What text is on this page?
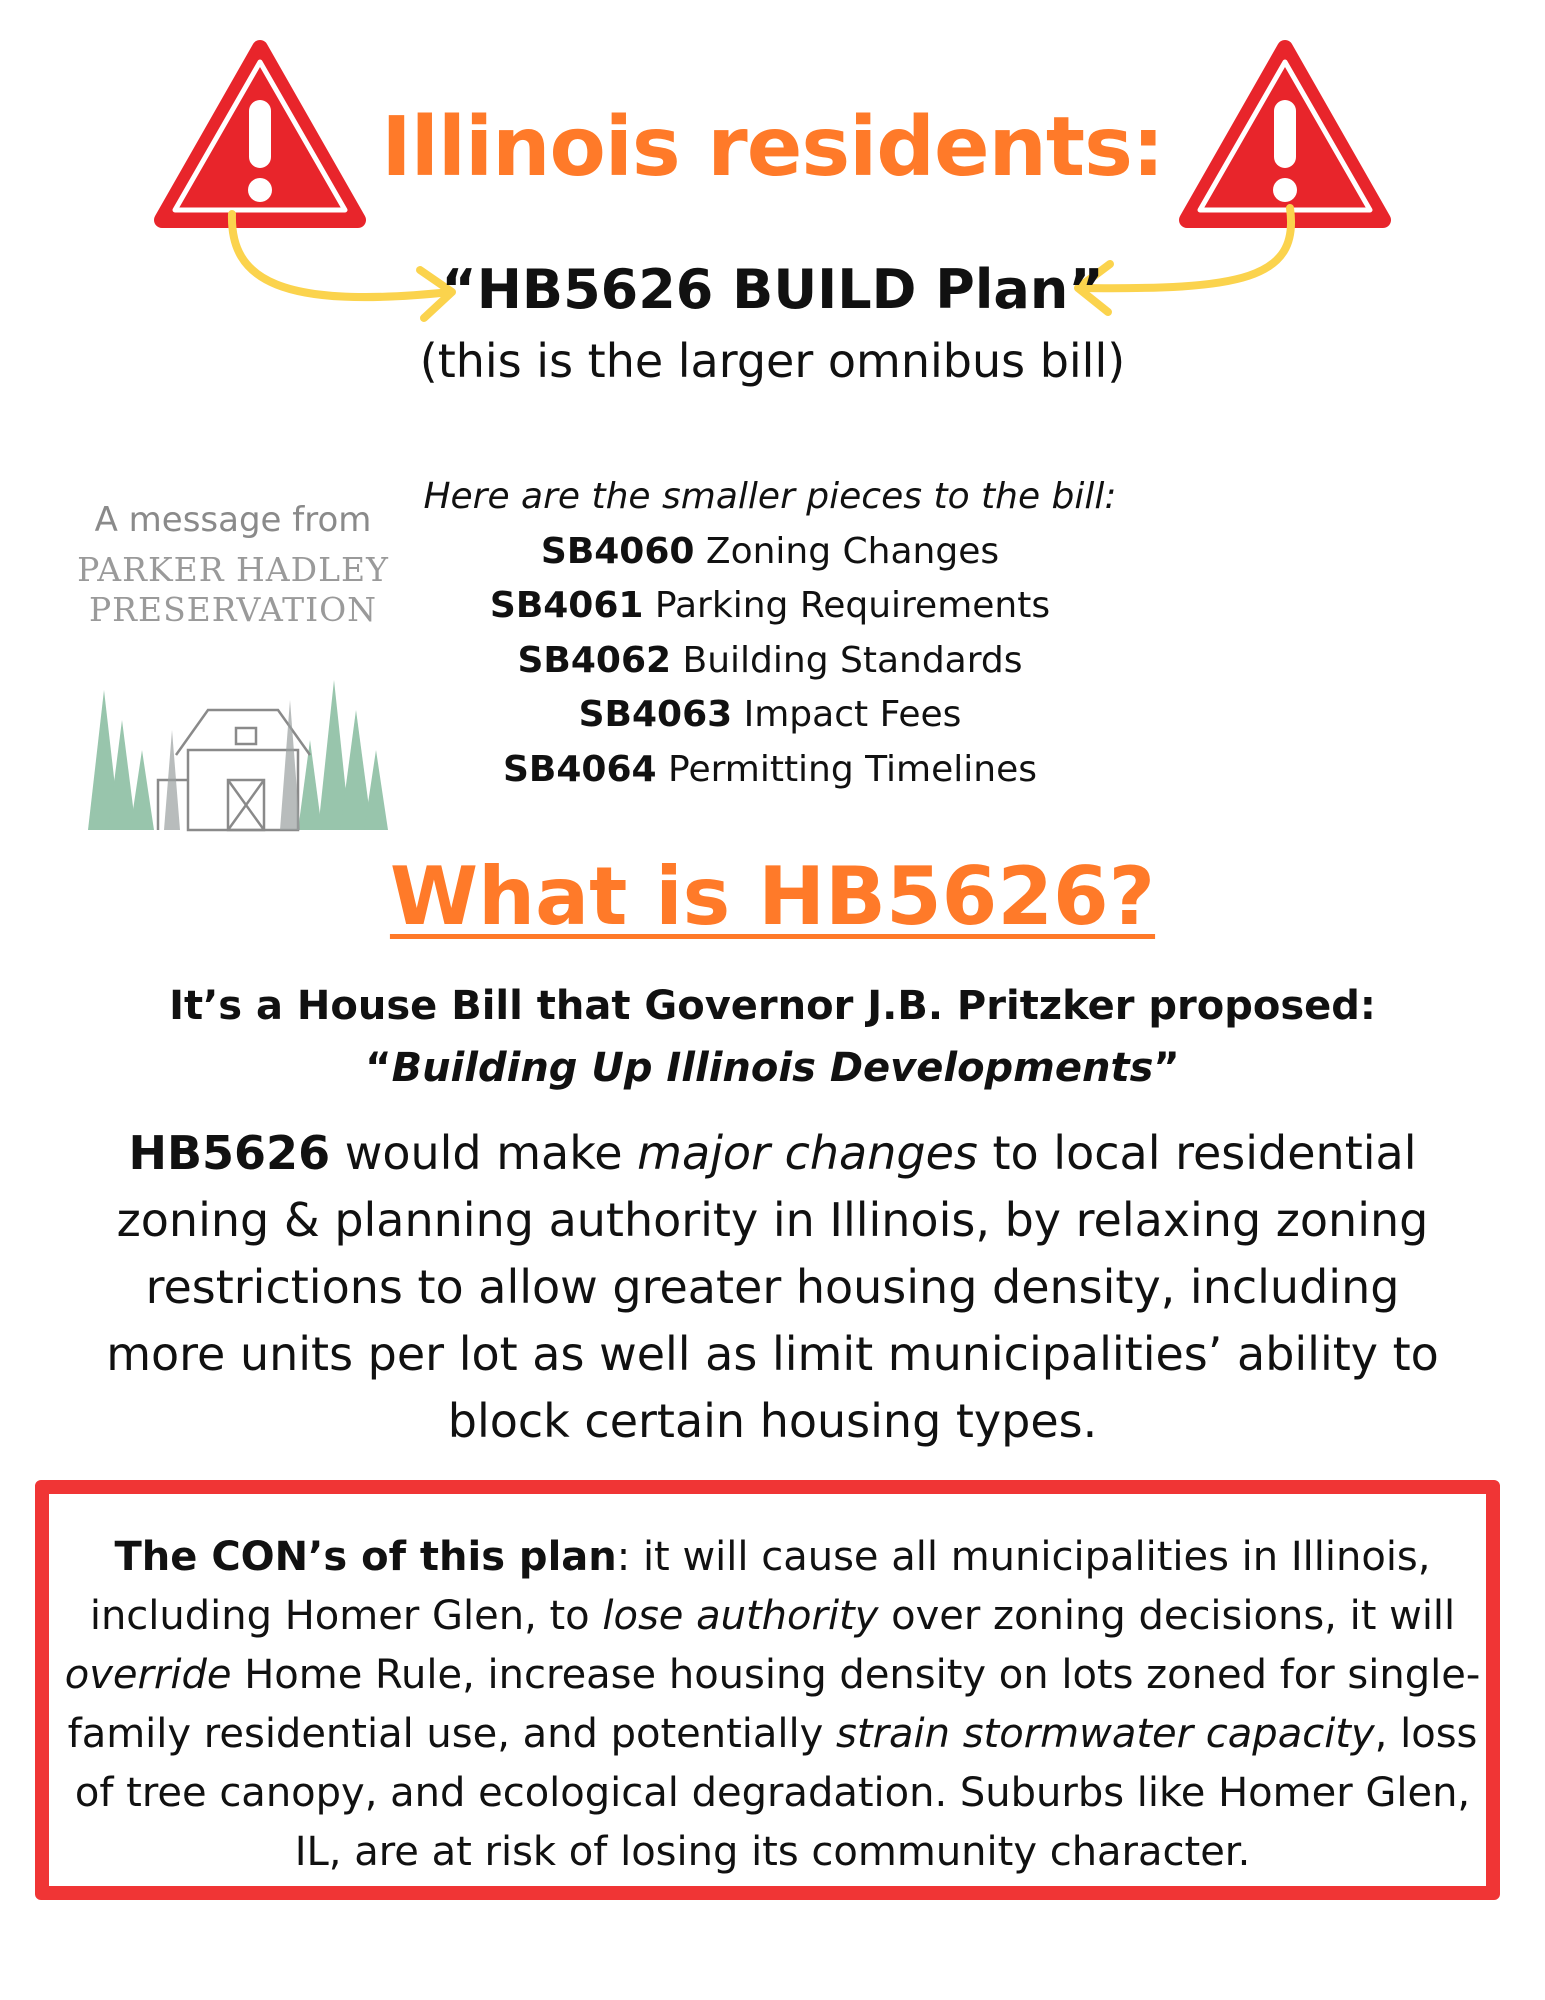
Illinois residents:
“HB5626 BUILD Plan”
(this is the larger omnibus bill)
A message from
PARKER HADLEY
PRESERVATION
Here are the smaller pieces to the bill:
SB4060 Zoning Changes
SB4061 Parking Requirements
SB4062 Building Standards
SB4063 Impact Fees
SB4064 Permitting Timelines
What is HB5626?
It’s a House Bill that Governor J.B. Pritzker proposed:
“Building Up Illinois Developments”
HB5626 would make major changes to local residential zoning & planning authority in Illinois, by relaxing zoning restrictions to allow greater housing density, including more units per lot as well as limit municipalities’ ability to block certain housing types.
The CON’s of this plan: it will cause all municipalities in Illinois, including Homer Glen, to lose authority over zoning decisions, it will override Home Rule, increase housing density on lots zoned for single-family residential use, and potentially strain stormwater capacity, loss of tree canopy, and ecological degradation. Suburbs like Homer Glen, IL, are at risk of losing its community character.
